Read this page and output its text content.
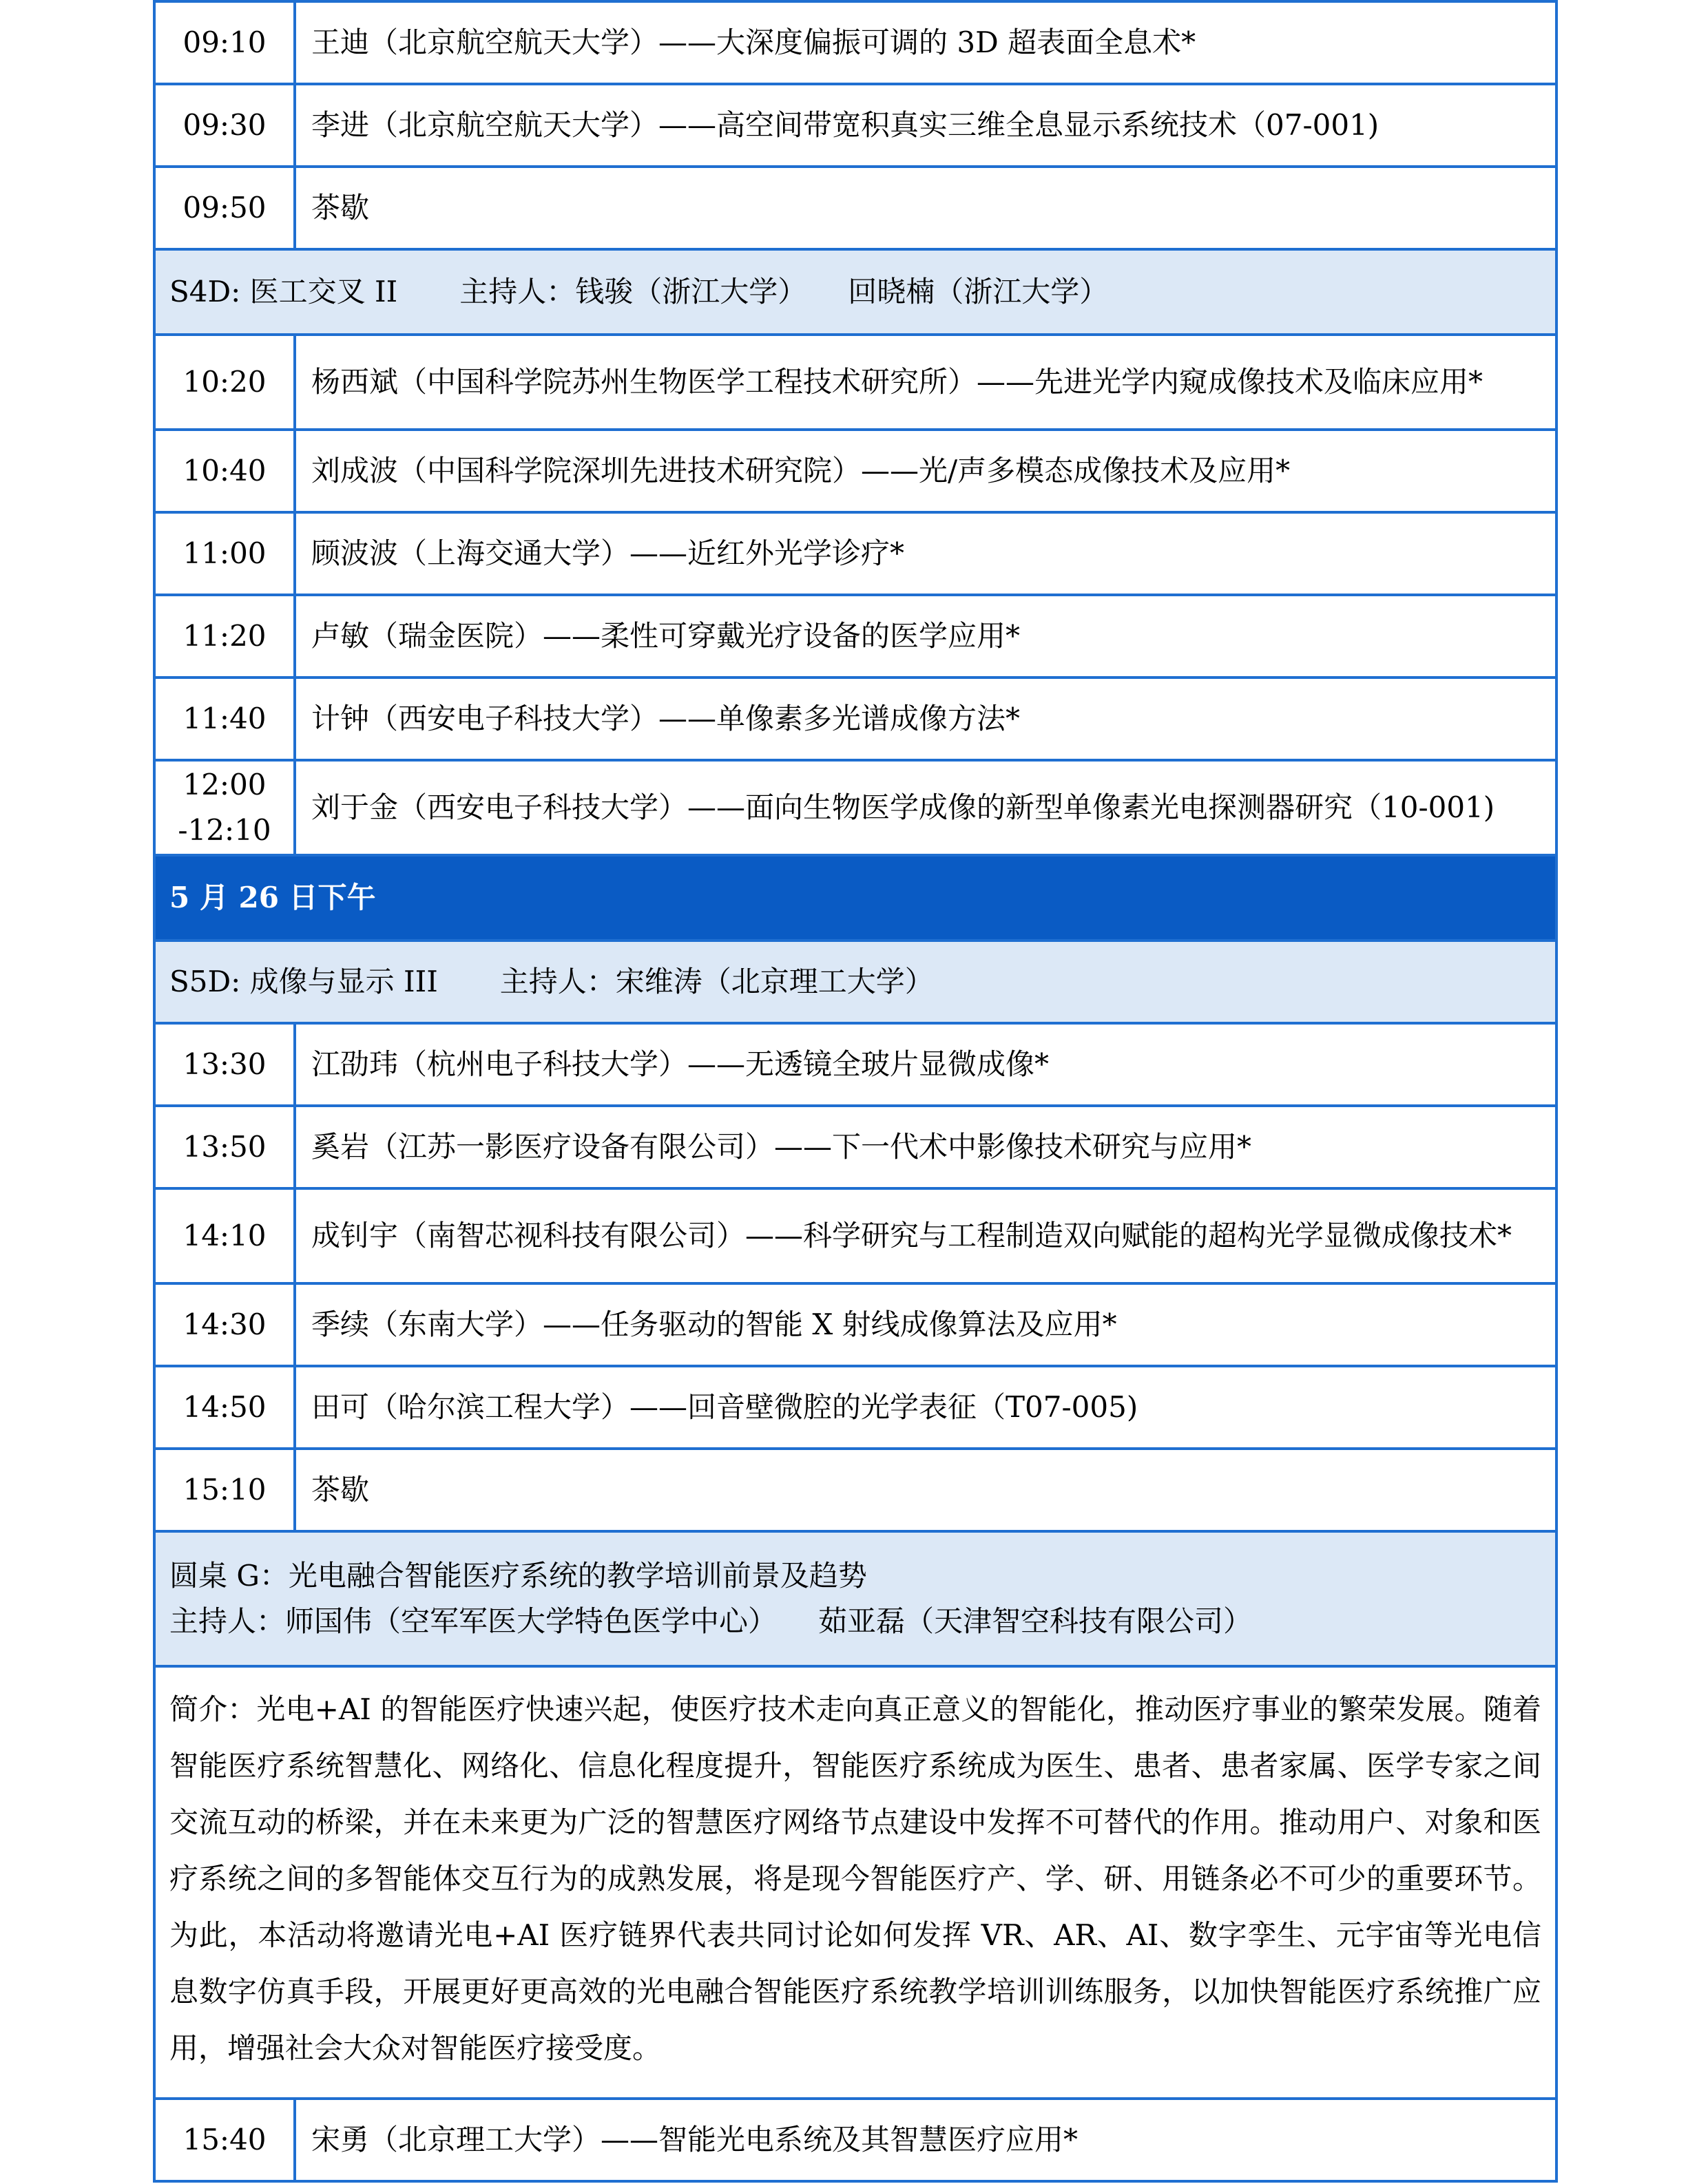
09:10	王迪（北京航空航天大学）——大深度偏振可调的 3D 超表面全息术*
09:30	李进（北京航空航天大学）——高空间带宽积真实三维全息显示系统技术（07-001)
09:50	茶歇
S4D: 医工交叉 II 主持人：钱骏（浙江大学） 回晓楠（浙江大学）	
10:20	杨西斌（中国科学院苏州生物医学工程技术研究所）——先进光学内窥成像技术及临床应用*
10:40	刘成波（中国科学院深圳先进技术研究院）——光/声多模态成像技术及应用*
11:00	顾波波（上海交通大学）——近红外光学诊疗*
11:20	卢敏（瑞金医院）——柔性可穿戴光疗设备的医学应用*
11:40	计钟（西安电子科技大学）——单像素多光谱成像方法*
12:00 -12:10	刘于金（西安电子科技大学）——面向生物医学成像的新型单像素光电探测器研究（10-001)
5 月 26 日下午	
S5D: 成像与显示 III 主持人：宋维涛（北京理工大学）	
13:30	江劭玮（杭州电子科技大学）——无透镜全玻片显微成像*
13:50	奚岩（江苏一影医疗设备有限公司）——下一代术中影像技术研究与应用*
14:10	成钊宇（南智芯视科技有限公司）——科学研究与工程制造双向赋能的超构光学显微成像技术*
14:30	季续（东南大学）——任务驱动的智能 X 射线成像算法及应用*
14:50	田可（哈尔滨工程大学）——回音壁微腔的光学表征（T07-005)
15:10	茶歇

圆桌 G：光电融合智能医疗系统的教学培训前景及趋势
主持人：师国伟（空军军医大学特色医学中心） 茹亚磊（天津智空科技有限公司）	

简介：光电+AI 的智能医疗快速兴起，使医疗技术走向真正意义的智能化，推动医疗事业的繁荣发展。随着智能医疗系统智慧化、网络化、信息化程度提升，智能医疗系统成为医生、患者、患者家属、医学专家之间交流互动的桥梁，并在未来更为广泛的智慧医疗网络节点建设中发挥不可替代的作用。推动用户、对象和医疗系统之间的多智能体交互行为的成熟发展，将是现今智能医疗产、学、研、用链条必不可少的重要环节。为此，本活动将邀请光电+AI 医疗链界代表共同讨论如何发挥 VR、AR、AI、数字孪生、元宇宙等光电信息数字仿真手段，开展更好更高效的光电融合智能医疗系统教学培训训练服务，以加快智能医疗系统推广应用，增强社会大众对智能医疗接受度。	
15:40	宋勇（北京理工大学）——智能光电系统及其智慧医疗应用*
